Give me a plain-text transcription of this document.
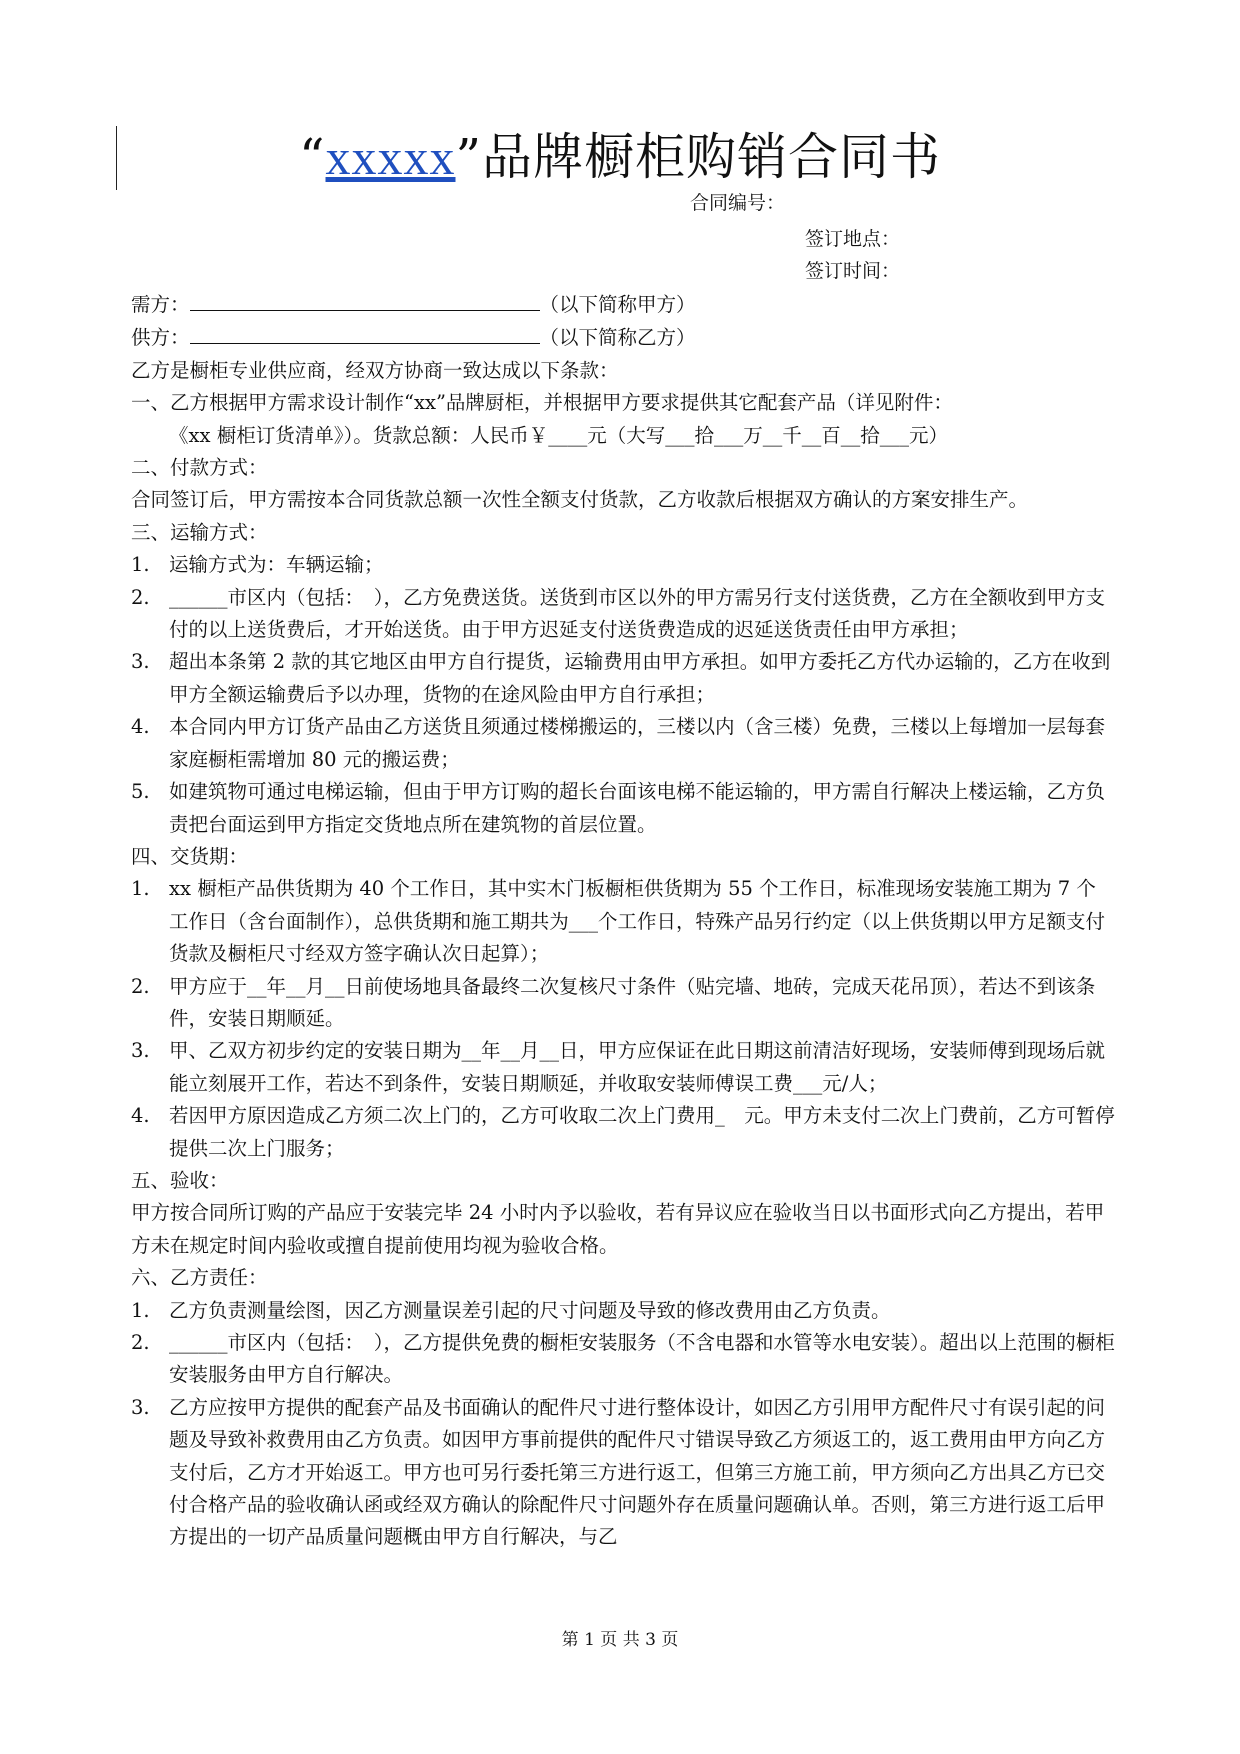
“xxxxx”品牌橱柜购销合同书
合同编号：
签订地点：
签订时间：
需方：	（以下简称甲方）
供方：	（以下简称乙方）

乙方是橱柜专业供应商，经双方协商一致达成以下条款：

一、乙方根据甲方需求设计制作“xx”品牌厨柜，并根据甲方要求提供其它配套产品（详见附件：

《xx 橱柜订货清单》）。货款总额：人民币￥____元（大写___拾___万__千__百__拾___元）

二、付款方式：

合同签订后，甲方需按本合同货款总额一次性全额支付货款，乙方收款后根据双方确认的方案安排生产。

三、运输方式：

1. 运输方式为：车辆运输；
2. ______市区内（包括：　），乙方免费送货。送货到市区以外的甲方需另行支付送货费，乙方在全额收到甲方支付的以上送货费后，才开始送货。由于甲方迟延支付送货费造成的迟延送货责任由甲方承担；
3. 超出本条第 2 款的其它地区由甲方自行提货，运输费用由甲方承担。如甲方委托乙方代办运输的，乙方在收到甲方全额运输费后予以办理，货物的在途风险由甲方自行承担；
4. 本合同内甲方订货产品由乙方送货且须通过楼梯搬运的，三楼以内（含三楼）免费，三楼以上每增加一层每套家庭橱柜需增加 80 元的搬运费；
5. 如建筑物可通过电梯运输，但由于甲方订购的超长台面该电梯不能运输的，甲方需自行解决上楼运输，乙方负责把台面运到甲方指定交货地点所在建筑物的首层位置。

四、交货期：

1. xx 橱柜产品供货期为 40 个工作日，其中实木门板橱柜供货期为 55 个工作日，标准现场安装施工期为 7 个工作日（含台面制作），总供货期和施工期共为___个工作日，特殊产品另行约定（以上供货期以甲方足额支付货款及橱柜尺寸经双方签字确认次日起算）；
2. 甲方应于__年__月__日前使场地具备最终二次复核尺寸条件（贴完墙、地砖，完成天花吊顶），若达不到该条件，安装日期顺延。
3. 甲、乙双方初步约定的安装日期为__年__月__日，甲方应保证在此日期这前清洁好现场，安装师傅到现场后就能立刻展开工作，若达不到条件，安装日期顺延，并收取安装师傅误工费___元/人；
4. 若因甲方原因造成乙方须二次上门的，乙方可收取二次上门费用_　元。甲方未支付二次上门费前，乙方可暂停提供二次上门服务；

五、验收：

甲方按合同所订购的产品应于安装完毕 24 小时内予以验收，若有异议应在验收当日以书面形式向乙方提出，若甲方未在规定时间内验收或擅自提前使用均视为验收合格。

六、乙方责任：

1. 乙方负责测量绘图，因乙方测量误差引起的尺寸问题及导致的修改费用由乙方负责。
2. ______市区内（包括：　），乙方提供免费的橱柜安装服务（不含电器和水管等水电安装）。超出以上范围的橱柜安装服务由甲方自行解决。
3. 乙方应按甲方提供的配套产品及书面确认的配件尺寸进行整体设计，如因乙方引用甲方配件尺寸有误引起的问题及导致补救费用由乙方负责。如因甲方事前提供的配件尺寸错误导致乙方须返工的，返工费用由甲方向乙方支付后，乙方才开始返工。甲方也可另行委托第三方进行返工，但第三方施工前，甲方须向乙方出具乙方已交付合格产品的验收确认函或经双方确认的除配件尺寸问题外存在质量问题确认单。否则，第三方进行返工后甲方提出的一切产品质量问题概由甲方自行解决，与乙
第 1 页 共 3 页
